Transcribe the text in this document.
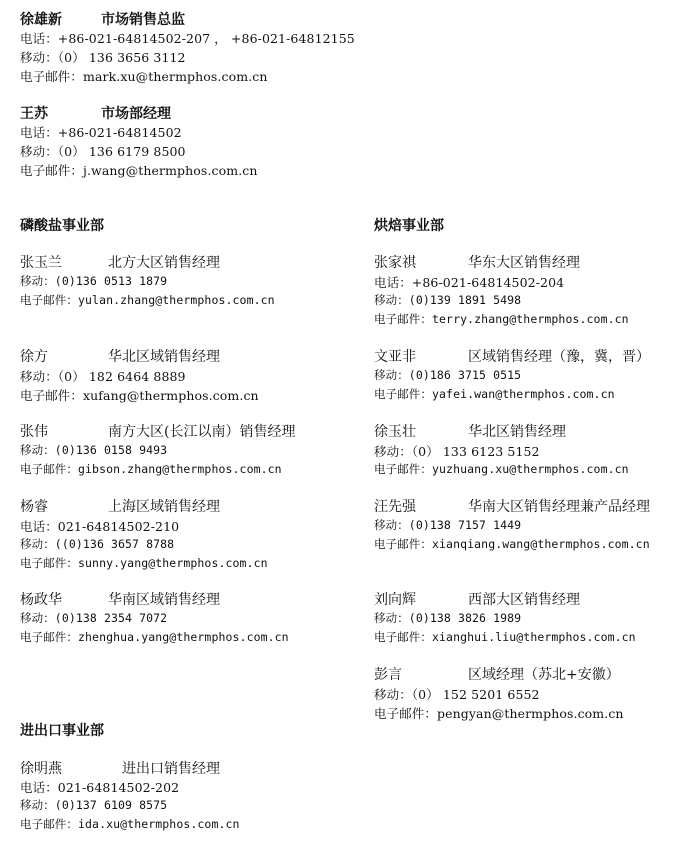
徐雄新	市场销售总监
电话：+86-021-64814502-207 ， +86-021-64812155
移动：（0） 136 3656 3112
电子邮件：mark.xu@thermphos.com.cn
王苏	市场部经理
电话：+86-021-64814502
移动：（0） 136 6179 8500
电子邮件：j.wang@thermphos.com.cn
磷酸盐事业部
张玉兰	北方大区销售经理
移动：(0)136 0513 1879
电子邮件：yulan.zhang@thermphos.com.cn
徐方	华北区域销售经理
移动：（0） 182 6464 8889
电子邮件：xufang@thermphos.com.cn
张伟	南方大区(长江以南）销售经理
移动：(0)136 0158 9493
电子邮件：gibson.zhang@thermphos.com.cn
杨睿	上海区域销售经理
电话：021-64814502-210
移动：((0)136 3657 8788
电子邮件：sunny.yang@thermphos.com.cn
杨政华	华南区域销售经理
移动：(0)138 2354 7072
电子邮件：zhenghua.yang@thermphos.com.cn
烘焙事业部
张家祺	华东大区销售经理
电话：+86-021-64814502-204
移动：(0)139 1891 5498
电子邮件：terry.zhang@thermphos.com.cn
文亚非	区域销售经理（豫，冀，晋）
移动：(0)186 3715 0515
电子邮件：yafei.wan@thermphos.com.cn
徐玉壮	华北区销售经理
移动：（0） 133 6123 5152
电子邮件：yuzhuang.xu@thermphos.com.cn
汪先强	华南大区销售经理兼产品经理
移动：(0)138 7157 1449
电子邮件：xianqiang.wang@thermphos.com.cn
刘向辉	西部大区销售经理
移动：(0)138 3826 1989
电子邮件：xianghui.liu@thermphos.com.cn
彭言	区域经理（苏北+安徽）
移动：（0） 152 5201 6552
电子邮件：pengyan@thermphos.com.cn
进出口事业部
徐明燕	进出口销售经理
电话：021-64814502-202
移动：(0)137 6109 8575
电子邮件：ida.xu@thermphos.com.cn
